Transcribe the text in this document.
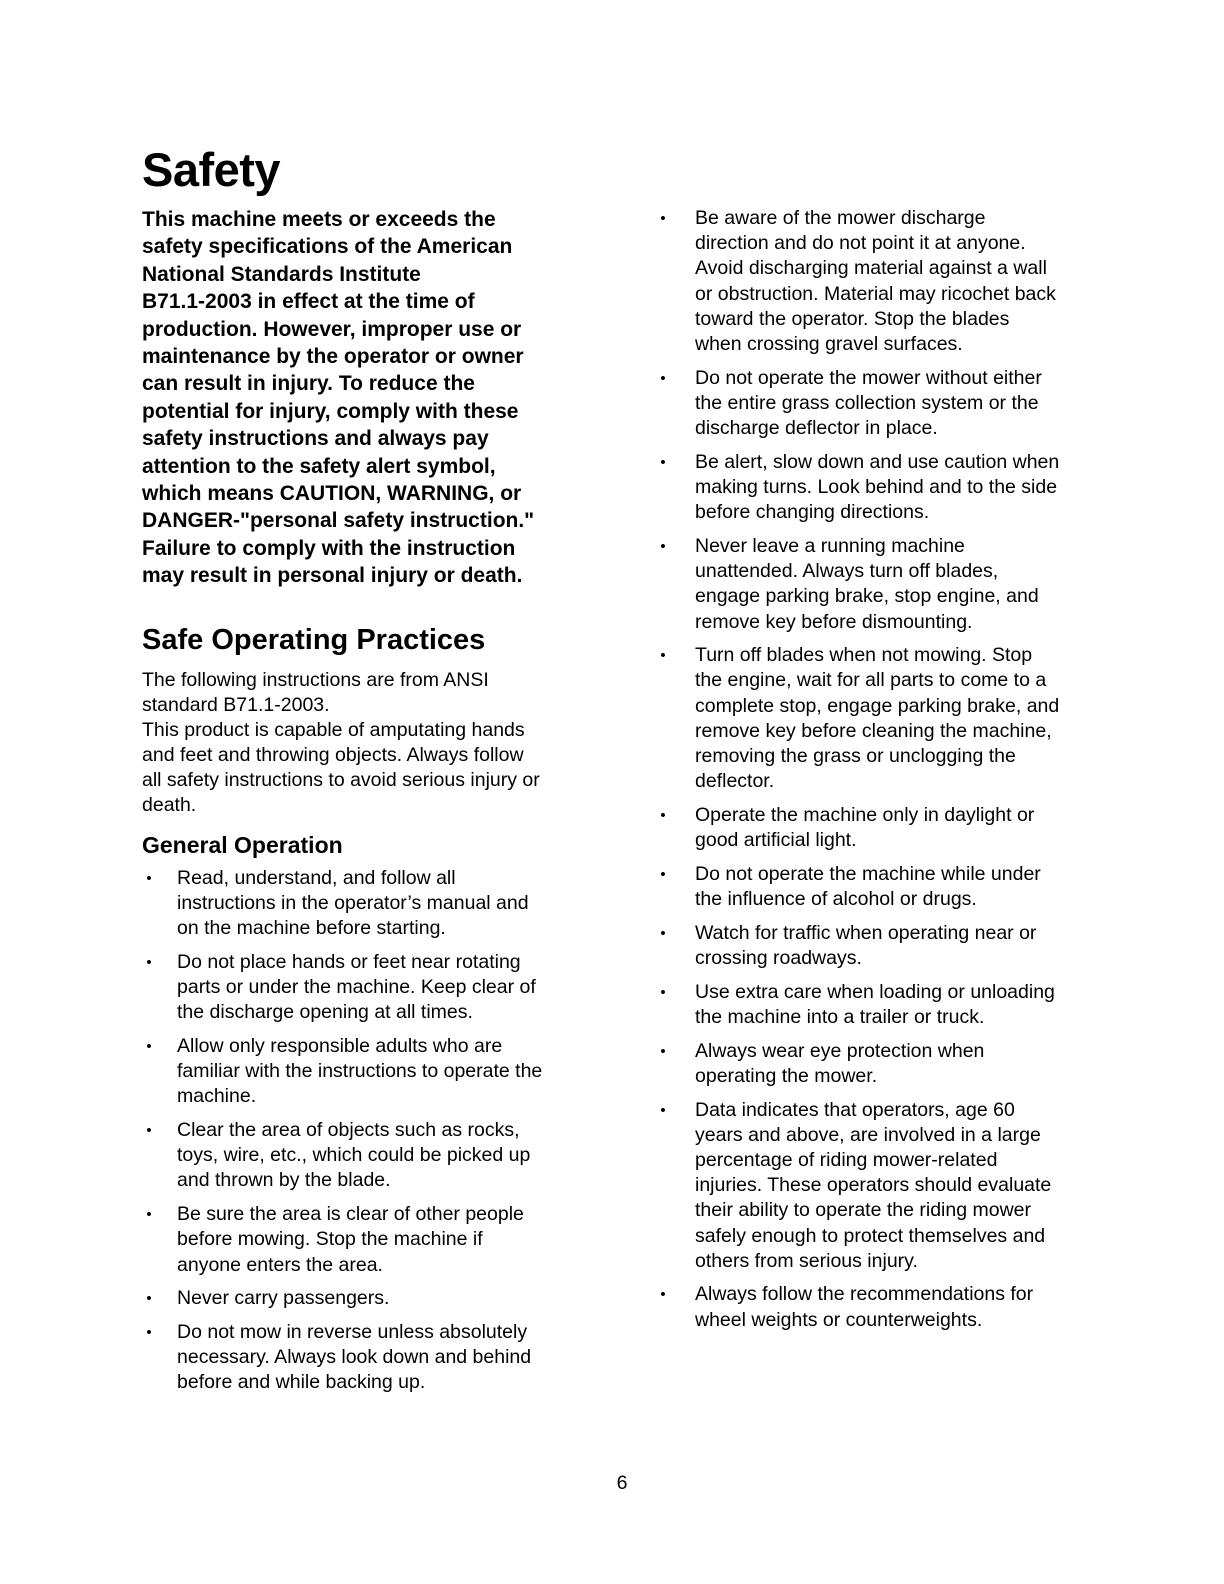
Safety

This machine meets or exceeds the
safety specifications of the American
National Standards Institute
B71.1-2003 in effect at the time of
production. However, improper use or
maintenance by the operator or owner
can result in injury. To reduce the
potential for injury, comply with these
safety instructions and always pay
attention to the safety alert symbol,
which means CAUTION, WARNING, or
DANGER-"personal safety instruction."
Failure to comply with the instruction
may result in personal injury or death.

Safe Operating Practices

The following instructions are from ANSI
standard B71.1-2003.
This product is capable of amputating hands
and feet and throwing objects. Always follow
all safety instructions to avoid serious injury or
death.

General Operation
• Read, understand, and follow all
instructions in the operator’s manual and
on the machine before starting.
• Do not place hands or feet near rotating
parts or under the machine. Keep clear of
the discharge opening at all times.
• Allow only responsible adults who are
familiar with the instructions to operate the
machine.
• Clear the area of objects such as rocks,
toys, wire, etc., which could be picked up
and thrown by the blade.
• Be sure the area is clear of other people
before mowing. Stop the machine if
anyone enters the area.
• Never carry passengers.
• Do not mow in reverse unless absolutely
necessary. Always look down and behind
before and while backing up.
• Be aware of the mower discharge
direction and do not point it at anyone.
Avoid discharging material against a wall
or obstruction. Material may ricochet back
toward the operator. Stop the blades
when crossing gravel surfaces.
• Do not operate the mower without either
the entire grass collection system or the
discharge deflector in place.
• Be alert, slow down and use caution when
making turns. Look behind and to the side
before changing directions.
• Never leave a running machine
unattended. Always turn off blades,
engage parking brake, stop engine, and
remove key before dismounting.
• Turn off blades when not mowing. Stop
the engine, wait for all parts to come to a
complete stop, engage parking brake, and
remove key before cleaning the machine,
removing the grass or unclogging the
deflector.
• Operate the machine only in daylight or
good artificial light.
• Do not operate the machine while under
the influence of alcohol or drugs.
• Watch for traffic when operating near or
crossing roadways.
• Use extra care when loading or unloading
the machine into a trailer or truck.
• Always wear eye protection when
operating the mower.
• Data indicates that operators, age 60
years and above, are involved in a large
percentage of riding mower-related
injuries. These operators should evaluate
their ability to operate the riding mower
safely enough to protect themselves and
others from serious injury.
• Always follow the recommendations for
wheel weights or counterweights.
6
